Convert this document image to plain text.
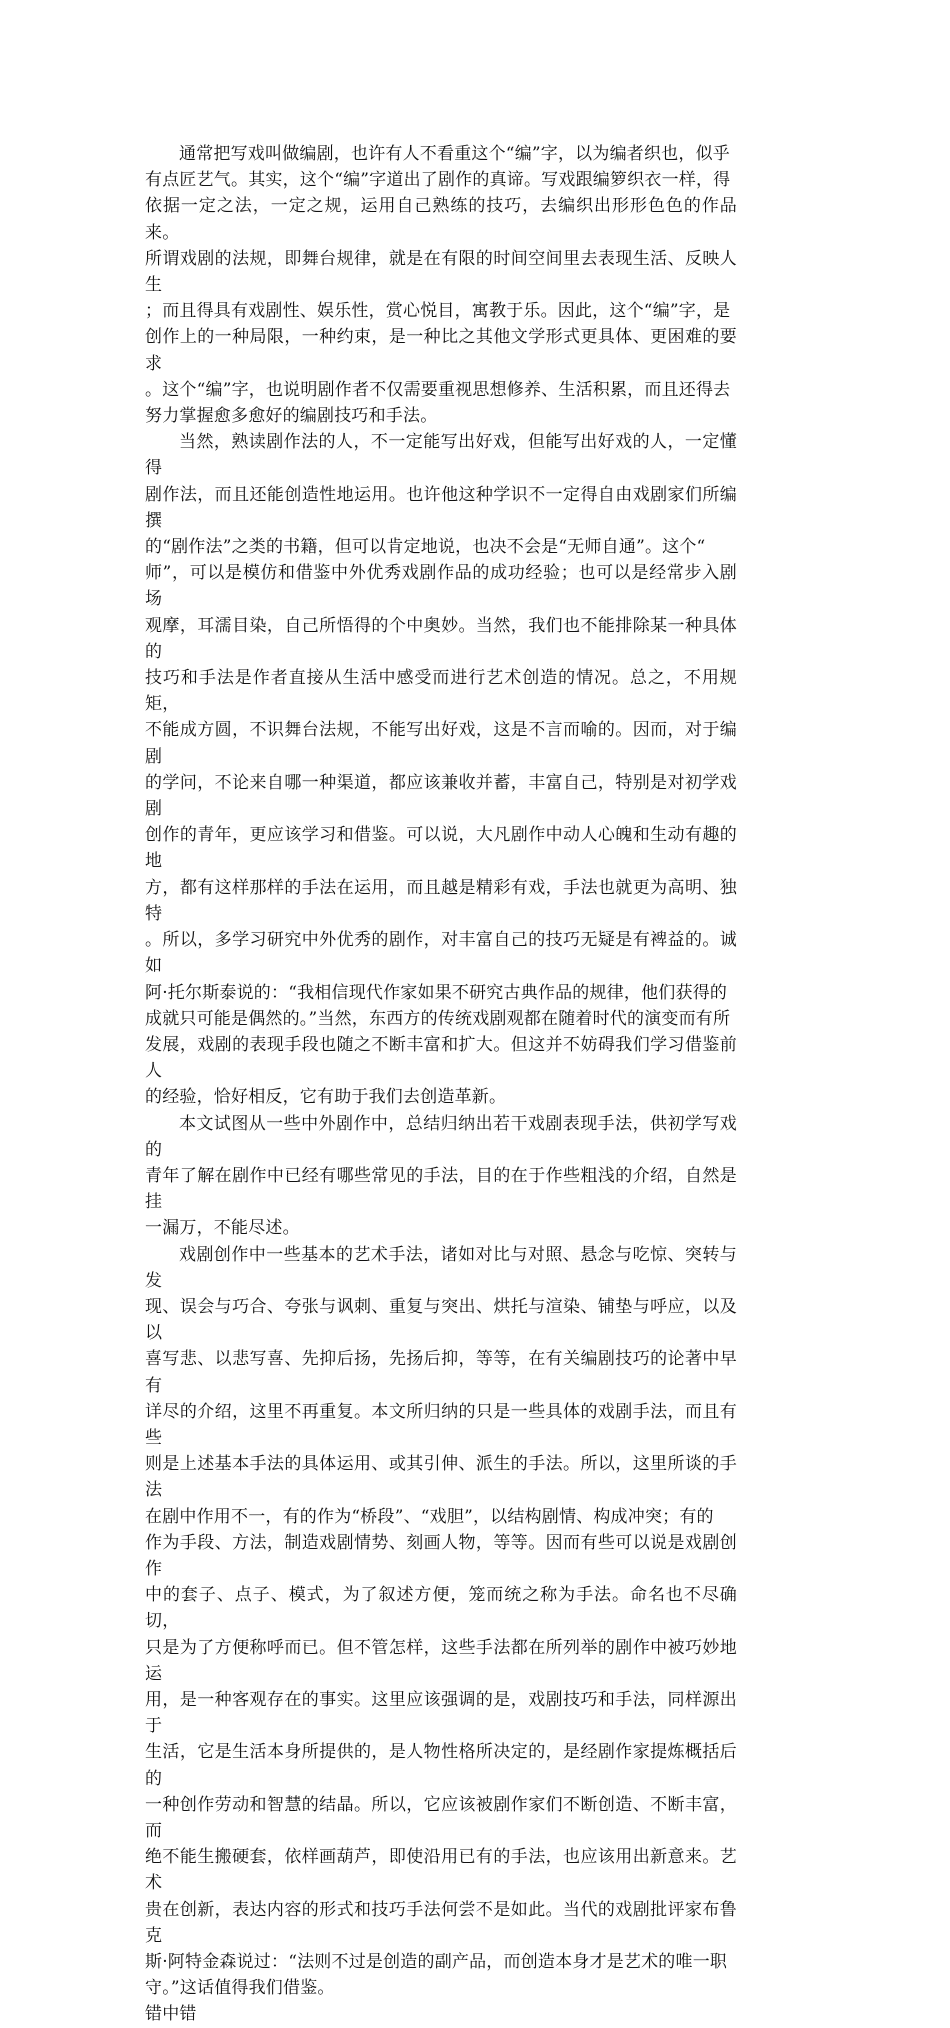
通常把写戏叫做编剧，也许有人不看重这个“编”字，以为编者织也，似乎
有点匠艺气。其实，这个“编”字道出了剧作的真谛。写戏跟编箩织衣一样，得
依据一定之法，一定之规，运用自己熟练的技巧，去编织出形形色色的作品来。
所谓戏剧的法规，即舞台规律，就是在有限的时间空间里去表现生活、反映人生
；而且得具有戏剧性、娱乐性，赏心悦目，寓教于乐。因此，这个“编”字，是
创作上的一种局限，一种约束，是一种比之其他文学形式更具体、更困难的要求
。这个“编”字，也说明剧作者不仅需要重视思想修养、生活积累，而且还得去
努力掌握愈多愈好的编剧技巧和手法。

当然，熟读剧作法的人，不一定能写出好戏，但能写出好戏的人，一定懂得
剧作法，而且还能创造性地运用。也许他这种学识不一定得自由戏剧家们所编撰
的“剧作法”之类的书籍，但可以肯定地说，也决不会是“无师自通”。这个“
师”，可以是模仿和借鉴中外优秀戏剧作品的成功经验；也可以是经常步入剧场
观摩，耳濡目染，自己所悟得的个中奥妙。当然，我们也不能排除某一种具体的
技巧和手法是作者直接从生活中感受而进行艺术创造的情况。总之，不用规矩，
不能成方圆，不识舞台法规，不能写出好戏，这是不言而喻的。因而，对于编剧
的学问，不论来自哪一种渠道，都应该兼收并蓄，丰富自己，特别是对初学戏剧
创作的青年，更应该学习和借鉴。可以说，大凡剧作中动人心魄和生动有趣的地
方，都有这样那样的手法在运用，而且越是精彩有戏，手法也就更为高明、独特
。所以，多学习研究中外优秀的剧作，对丰富自己的技巧无疑是有裨益的。诚如
阿·托尔斯泰说的：“我相信现代作家如果不研究古典作品的规律，他们获得的
成就只可能是偶然的。”当然，东西方的传统戏剧观都在随着时代的演变而有所
发展，戏剧的表现手段也随之不断丰富和扩大。但这并不妨碍我们学习借鉴前人
的经验，恰好相反，它有助于我们去创造革新。

本文试图从一些中外剧作中，总结归纳出若干戏剧表现手法，供初学写戏的
青年了解在剧作中已经有哪些常见的手法，目的在于作些粗浅的介绍，自然是挂
一漏万，不能尽述。

戏剧创作中一些基本的艺术手法，诸如对比与对照、悬念与吃惊、突转与发
现、误会与巧合、夸张与讽刺、重复与突出、烘托与渲染、铺垫与呼应，以及以
喜写悲、以悲写喜、先抑后扬，先扬后抑，等等，在有关编剧技巧的论著中早有
详尽的介绍，这里不再重复。本文所归纳的只是一些具体的戏剧手法，而且有些
则是上述基本手法的具体运用、或其引伸、派生的手法。所以，这里所谈的手法
在剧中作用不一，有的作为“桥段”、“戏胆”，以结构剧情、构成冲突；有的
作为手段、方法，制造戏剧情势、刻画人物，等等。因而有些可以说是戏剧创作
中的套子、点子、模式，为了叙述方便，笼而统之称为手法。命名也不尽确切，
只是为了方便称呼而已。但不管怎样，这些手法都在所列举的剧作中被巧妙地运
用，是一种客观存在的事实。这里应该强调的是，戏剧技巧和手法，同样源出于
生活，它是生活本身所提供的，是人物性格所决定的，是经剧作家提炼概括后的
一种创作劳动和智慧的结晶。所以，它应该被剧作家们不断创造、不断丰富，而
绝不能生搬硬套，依样画葫芦，即使沿用已有的手法，也应该用出新意来。艺术
贵在创新，表达内容的形式和技巧手法何尝不是如此。当代的戏剧批评家布鲁克
斯·阿特金森说过：“法则不过是创造的副产品，而创造本身才是艺术的唯一职
守。”这话值得我们借鉴。

错中错
